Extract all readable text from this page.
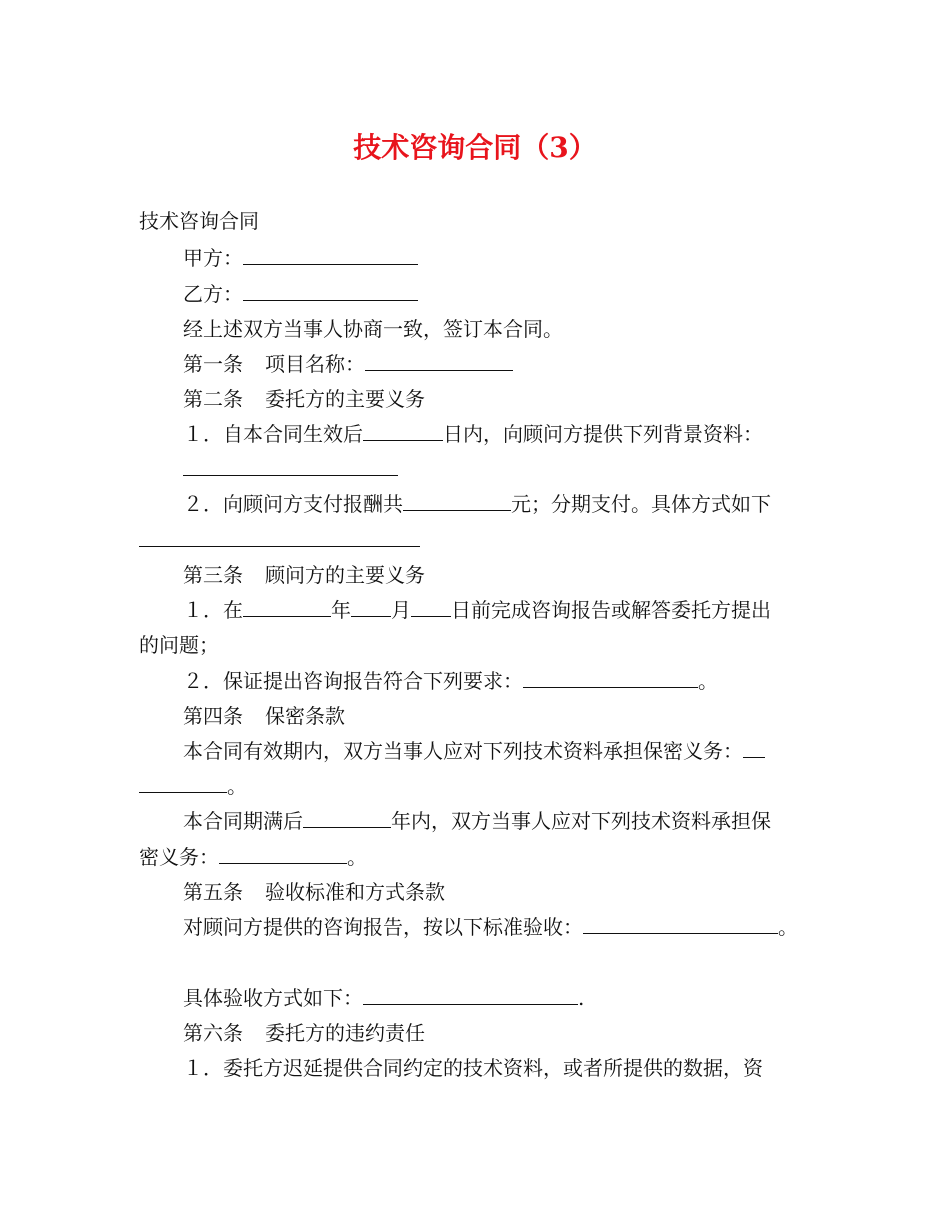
技术咨询合同（3）
技术咨询合同
甲方：
乙方：
经上述双方当事人协商一致，签订本合同。
第一条 项目名称：
第二条 委托方的主要义务
１．自本合同生效后	日内，向顾问方提供下列背景资料：
２．向顾问方支付报酬共	元；分期支付。具体方式如下
第三条 顾问方的主要义务
１．在	年 月 日前完成咨询报告或解答委托方提出
的问题；
２．保证提出咨询报告符合下列要求：	。
第四条 保密条款
本合同有效期内，双方当事人应对下列技术资料承担保密义务：
。
本合同期满后	年内，双方当事人应对下列技术资料承担保
密义务：	。
第五条 验收标准和方式条款
对顾问方提供的咨询报告，按以下标准验收：	。
具体验收方式如下：	.
第六条 委托方的违约责任
１．委托方迟延提供合同约定的技术资料，或者所提供的数据，资
